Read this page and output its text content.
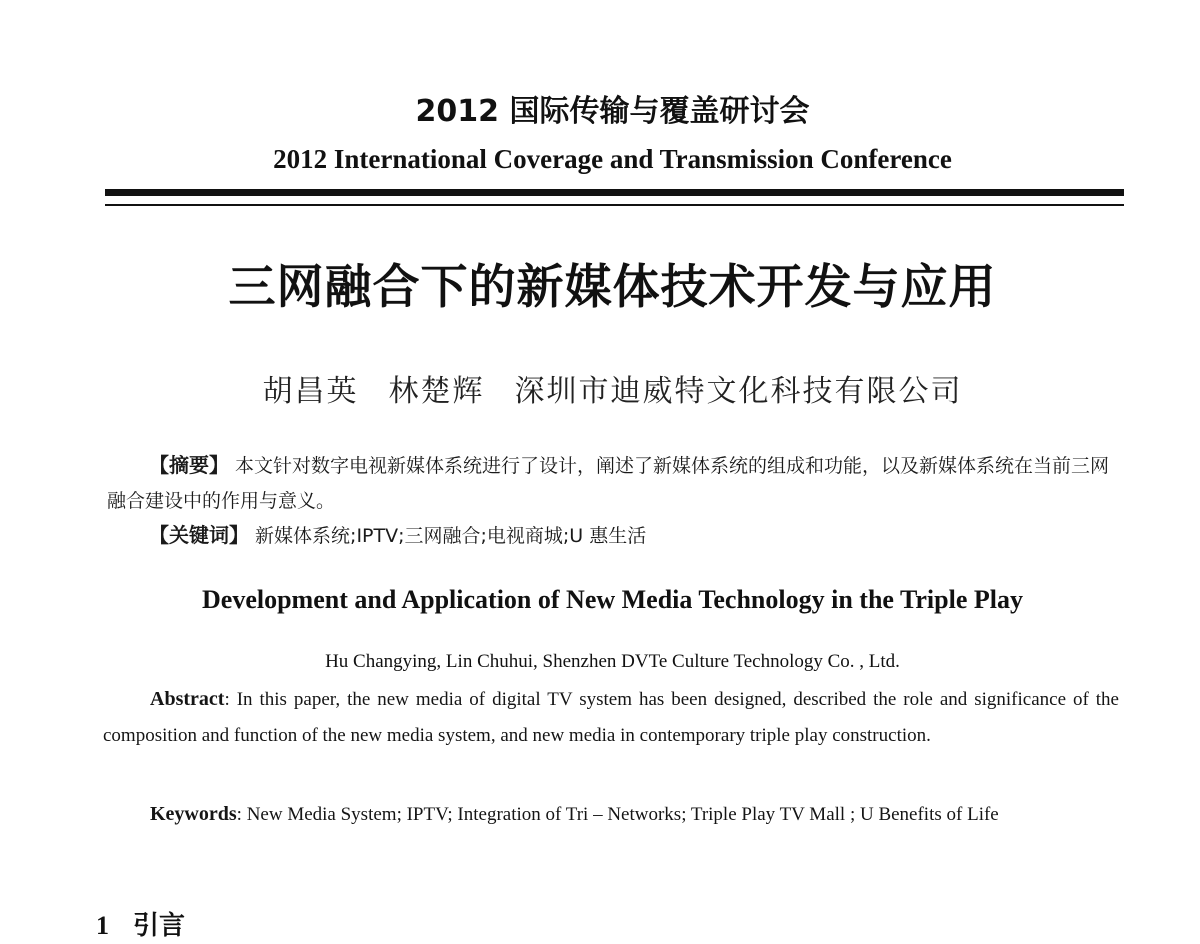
2012 国际传输与覆盖研讨会
2012 International Coverage and Transmission Conference
三网融合下的新媒体技术开发与应用
胡昌英 林楚辉 深圳市迪威特文化科技有限公司
【摘要】 本文针对数字电视新媒体系统进行了设计，阐述了新媒体系统的组成和功能，以及新媒体系统在当前三网融合建设中的作用与意义。
【关键词】 新媒体系统;IPTV;三网融合;电视商城;U 惠生活
Development and Application of New Media Technology in the Triple Play
Hu Changying, Lin Chuhui, Shenzhen DVTe Culture Technology Co. , Ltd.
Abstract: In this paper, the new media of digital TV system has been designed, described the role and significance of the composition and function of the new media system, and new media in contemporary triple play construction.
Keywords: New Media System; IPTV; Integration of Tri – Networks; Triple Play TV Mall ; U Benefits of Life
1 引言
